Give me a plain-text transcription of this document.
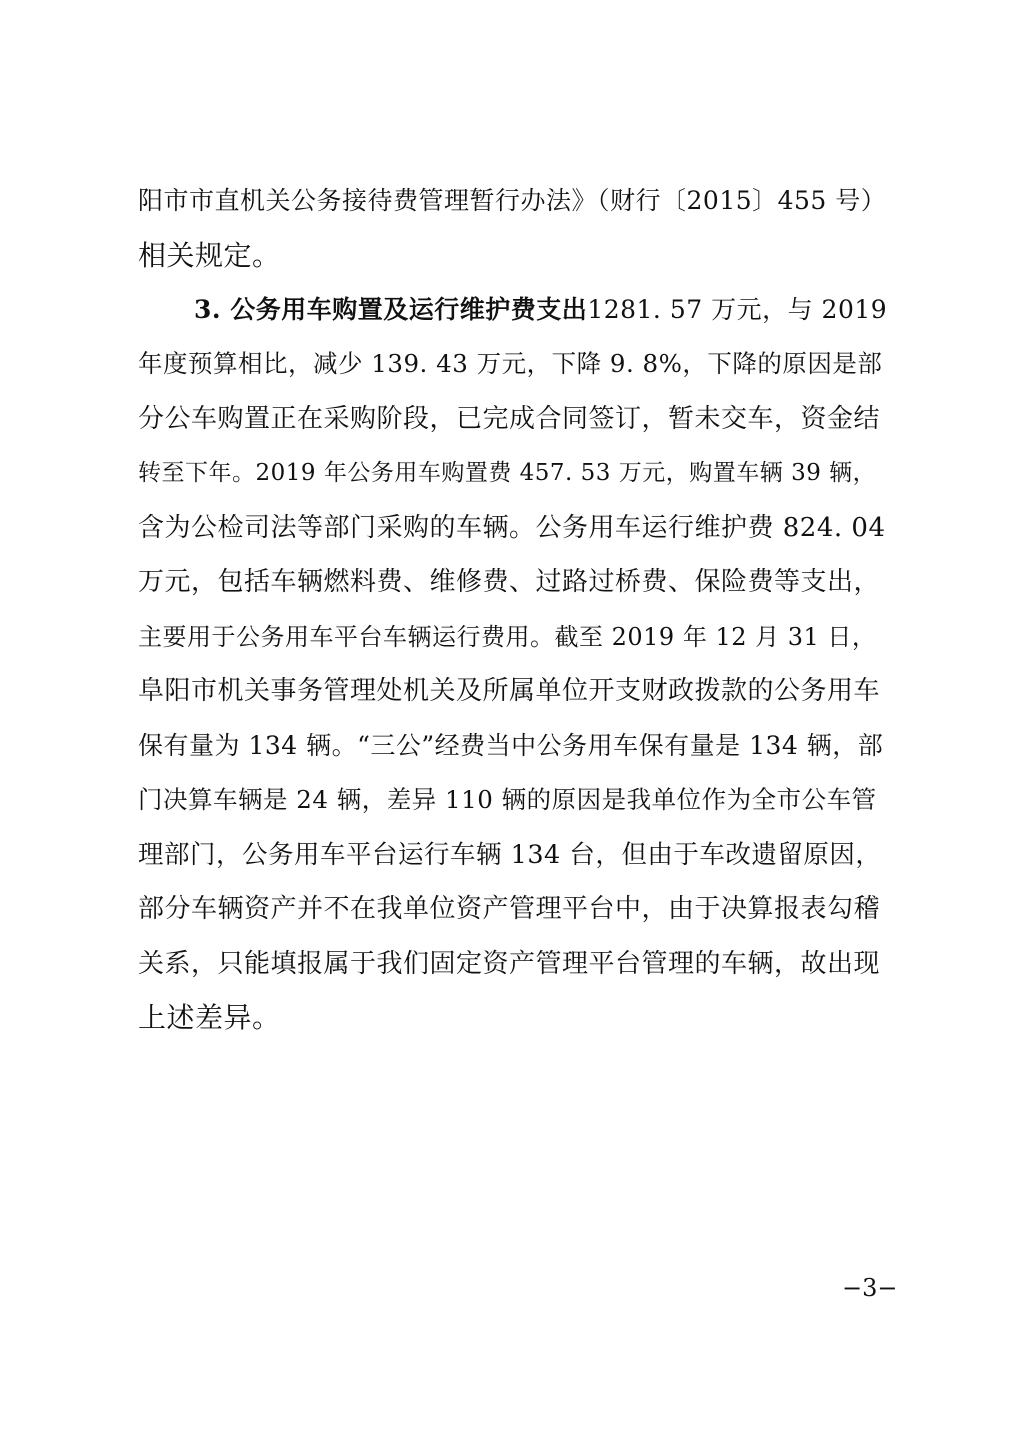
阳市市直机关公务接待费管理暂行办法》（财行〔2015〕455 号）
相关规定。
3. 公务用车购置及运行维护费支出1281. 57 万元，与 2019
年度预算相比，减少 139. 43 万元，下降 9. 8%，下降的原因是部
分公车购置正在采购阶段，已完成合同签订，暂未交车，资金结
转至下年。2019 年公务用车购置费 457. 53 万元，购置车辆 39 辆，
含为公检司法等部门采购的车辆。公务用车运行维护费 824. 04
万元，包括车辆燃料费、维修费、过路过桥费、保险费等支出，
主要用于公务用车平台车辆运行费用。截至 2019 年 12 月 31 日，
阜阳市机关事务管理处机关及所属单位开支财政拨款的公务用车
保有量为 134 辆。“三公”经费当中公务用车保有量是 134 辆，部
门决算车辆是 24 辆，差异 110 辆的原因是我单位作为全市公车管
理部门，公务用车平台运行车辆 134 台，但由于车改遗留原因，
部分车辆资产并不在我单位资产管理平台中，由于决算报表勾稽
关系，只能填报属于我们固定资产管理平台管理的车辆，故出现
上述差异。
−3−
